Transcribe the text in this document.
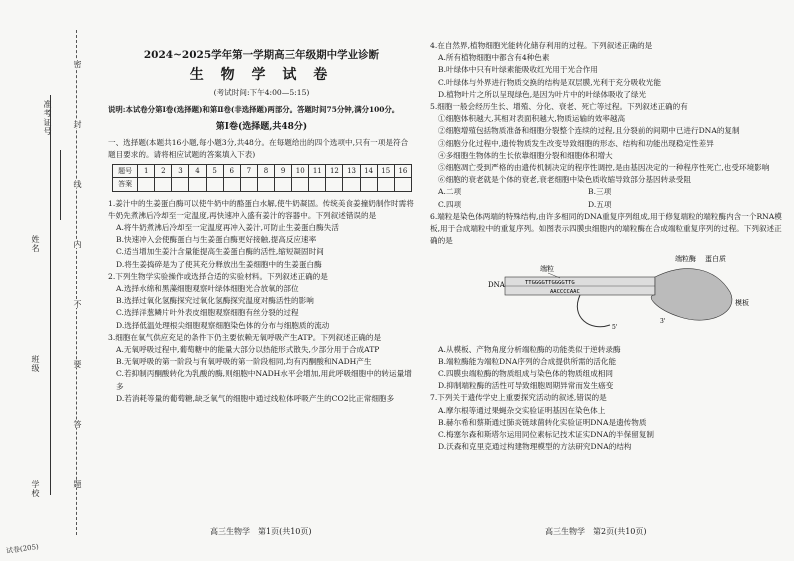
准考证号
姓名
班级
学校
密
封
线
内
不
要
答
题
试卷(205)
2024~2025学年第一学期高三年级期中学业诊断
生 物 学 试 卷
(考试时间:下午4:00—5:15)

说明:本试卷分第Ⅰ卷(选择题)和第Ⅱ卷(非选择题)两部分。答题时间75分钟,满分100分。

第Ⅰ卷(选择题,共48分)

一、选择题(本题共16小题,每小题3分,共48分。在每题给出的四个选项中,只有一项是符合题目要求的。请将相应试题的答案填入下表)

题号	1	2	3	4	5	6	7	8	9	10	11	12	13	14	15	16
答案																

1.姜汁中的生姜蛋白酶可以使牛奶中的酪蛋白水解,使牛奶凝固。传统美食姜撞奶制作时需将牛奶先煮沸后冷却至一定温度,再快速冲入盛有姜汁的容器中。下列叙述错误的是

A.将牛奶煮沸后冷却至一定温度再冲入姜汁,可防止生姜蛋白酶失活

B.快速冲入会使酶蛋白与生姜蛋白酶更好接触,提高反应速率

C.适当增加生姜汁含量能提高生姜蛋白酶的活性,缩短凝固时间

D.将生姜捣碎是为了使其充分释放出生姜细胞中的生姜蛋白酶

2.下列生物学实验操作或选择合适的实验材料。下列叙述正确的是

A.选择水绵和黑藻细胞观察叶绿体细胞光合放氧的部位

B.选择过氧化氢酶探究过氧化氢酶探究温度对酶活性的影响

C.选择洋葱鳞片叶外表皮细胞观察细胞有丝分裂的过程

D.选择低温处理根尖细胞观察细胞染色体的分布与细胞质的流动

3.细胞在氧气供应充足的条件下仍主要依赖无氧呼吸产生ATP。下列叙述正确的是

A.无氧呼吸过程中,葡萄糖中的能量大部分以热能形式散失,少部分用于合成ATP

B.无氧呼吸的第一阶段与有氧呼吸的第一阶段相同,均有丙酮酸和NADH产生

C.若抑制丙酮酸转化为乳酸的酶,则细胞中NADH水平会增加,用此呼吸细胞中的转运量增多

D.若消耗等量的葡萄糖,缺乏氧气的细胞中通过线粒体呼吸产生的CO2比正常细胞多

4.在自然界,植物细胞光能转化储存利用的过程。下列叙述正确的是

A.所有植物细胞中都含有4种色素

B.叶绿体中只有叶绿素能吸收红光用于光合作用

C.叶绿体与外界进行物质交换的结构是双层膜,光利于充分吸收光能

D.植物叶片之所以呈现绿色,是因为叶片中的叶绿体吸收了绿光

5.细胞一般会经历生长、增殖、分化、衰老、死亡等过程。下列叙述正确的有

①细胞体积越大,其相对表面积越大,物质运输的效率越高

②细胞增殖包括物质准备和细胞分裂整个连续的过程,且分裂前的间期中已进行DNA的复制

③细胞分化过程中,遗传物质发生改变导致细胞的形态、结构和功能出现稳定性差异

④多细胞生物体的生长依靠细胞分裂和细胞体积增大

⑤细胞凋亡受到严格的由遗传机制决定的程序性调控,是由基因决定的一种程序性死亡,也受环境影响

⑥细胞的衰老就是个体的衰老,衰老细胞中染色质收缩导致部分基因转录受阻

A.二项	B.三项
C.四项	D.五项

6.端粒是染色体两端的特殊结构,由许多相同的DNA重复序列组成,用于修复端粒的端粒酶内含一个RNA模板,用于合成端粒中的重复序列。如图表示四膜虫细胞内的端粒酶在合成端粒重复序列的过程。下列叙述正确的是

DNA	TTGGGGTTGGGGTTG
AACCCCAAC
端粒
端粒酶 蛋白质
模板
5'
3'

A.从模板、产物角度分析端粒酶的功能类似于逆转录酶

B.端粒酶能为端粒DNA序列的合成提供所需的活化能

C.四膜虫端粒酶的物质组成与染色体的物质组成相同

D.抑制端粒酶的活性可导致细胞周期异常而发生癌变

7.下列关于遗传学史上重要探究活动的叙述,错误的是

A.摩尔根等通过果蝇杂交实验证明基因在染色体上

B.赫尔希和蔡斯通过肺炎链球菌转化实验证明DNA是遗传物质

C.梅塞尔森和斯塔尔运用同位素标记技术证实DNA的半保留复制

D.沃森和克里克通过构建物理模型的方法研究DNA的结构

高三生物学　第1页(共10页)	高三生物学　第2页(共10页)
